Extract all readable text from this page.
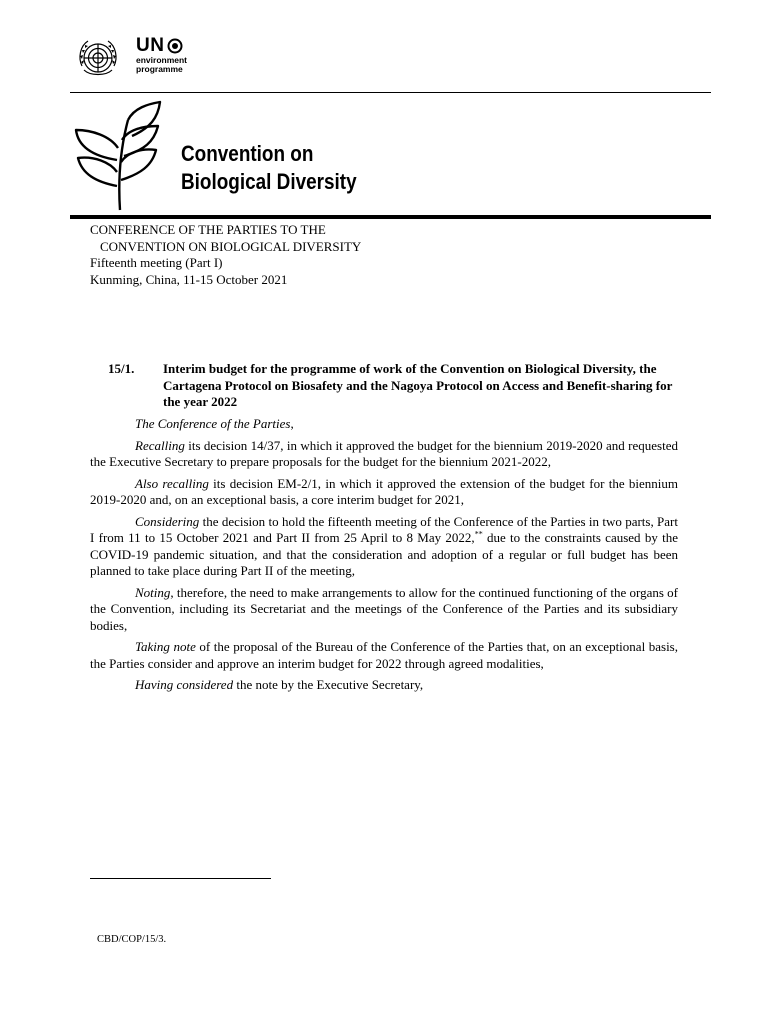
UN
environment
programme
Convention on
Biological Diversity
CONFERENCE OF THE PARTIES TO THE
CONVENTION ON BIOLOGICAL DIVERSITY
Fifteenth meeting (Part I)
Kunming, China, 11-15 October 2021
15/1. Interim budget for the programme of work of the Convention on Biological Diversity, the Cartagena Protocol on Biosafety and the Nagoya Protocol on Access and Benefit-sharing for the year 2022

The Conference of the Parties,

Recalling its decision 14/37, in which it approved the budget for the biennium 2019-2020 and requested the Executive Secretary to prepare proposals for the budget for the biennium 2021-2022,

Also recalling its decision EM-2/1, in which it approved the extension of the budget for the biennium 2019-2020 and, on an exceptional basis, a core interim budget for 2021,

Considering the decision to hold the fifteenth meeting of the Conference of the Parties in two parts, Part I from 11 to 15 October 2021 and Part II from 25 April to 8 May 2022,** due to the constraints caused by the COVID-19 pandemic situation, and that the consideration and adoption of a regular or full budget has been planned to take place during Part II of the meeting,

Noting, therefore, the need to make arrangements to allow for the continued functioning of the organs of the Convention, including its Secretariat and the meetings of the Conference of the Parties and its subsidiary bodies,

Taking note of the proposal of the Bureau of the Conference of the Parties that, on an exceptional basis, the Parties consider and approve an interim budget for 2022 through agreed modalities,

Having considered the note by the Executive Secretary,

CBD/COP/15/3.
